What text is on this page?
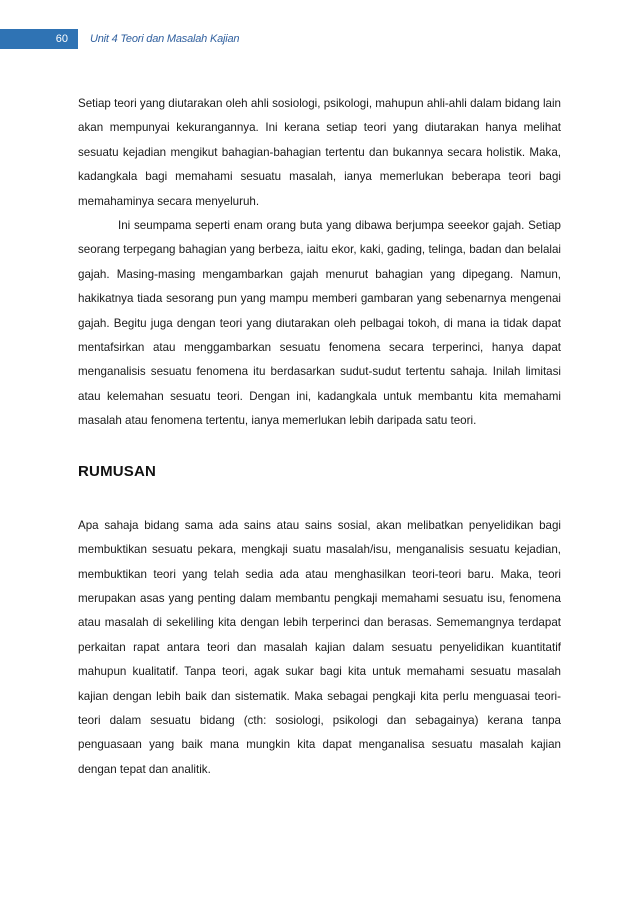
60	Unit 4 Teori dan Masalah Kajian

Setiap teori yang diutarakan oleh ahli sosiologi, psikologi, mahupun ahli-ahli dalam bidang lain akan mempunyai kekurangannya. Ini kerana setiap teori yang diutarakan hanya melihat sesuatu kejadian mengikut bahagian-bahagian tertentu dan bukannya secara holistik. Maka, kadangkala bagi memahami sesuatu masalah, ianya memerlukan beberapa teori bagi memahaminya secara menyeluruh.

Ini seumpama seperti enam orang buta yang dibawa berjumpa seeekor gajah. Setiap seorang terpegang bahagian yang berbeza, iaitu ekor, kaki, gading, telinga, badan dan belalai gajah. Masing-masing mengambarkan gajah menurut bahagian yang dipegang. Namun, hakikatnya tiada sesorang pun yang mampu memberi gambaran yang sebenarnya mengenai gajah. Begitu juga dengan teori yang diutarakan oleh pelbagai tokoh, di mana ia tidak dapat mentafsirkan atau menggambarkan sesuatu fenomena secara terperinci, hanya dapat menganalisis sesuatu fenomena itu berdasarkan sudut-sudut tertentu sahaja. Inilah limitasi atau kelemahan sesuatu teori. Dengan ini, kadangkala untuk membantu kita memahami masalah atau fenomena tertentu, ianya memerlukan lebih daripada satu teori.

RUMUSAN

Apa sahaja bidang sama ada sains atau sains sosial, akan melibatkan penyelidikan bagi membuktikan sesuatu pekara, mengkaji suatu masalah/isu, menganalisis sesuatu kejadian, membuktikan teori yang telah sedia ada atau menghasilkan teori-teori baru. Maka, teori merupakan asas yang penting dalam membantu pengkaji memahami sesuatu isu, fenomena atau masalah di sekeliling kita dengan lebih terperinci dan berasas. Sememangnya terdapat perkaitan rapat antara teori dan masalah kajian dalam sesuatu penyelidikan kuantitatif mahupun kualitatif. Tanpa teori, agak sukar bagi kita untuk memahami sesuatu masalah kajian dengan lebih baik dan sistematik. Maka sebagai pengkaji kita perlu menguasai teori-teori dalam sesuatu bidang (cth: sosiologi, psikologi dan sebagainya) kerana tanpa penguasaan yang baik mana mungkin kita dapat menganalisa sesuatu masalah kajian dengan tepat dan analitik.
